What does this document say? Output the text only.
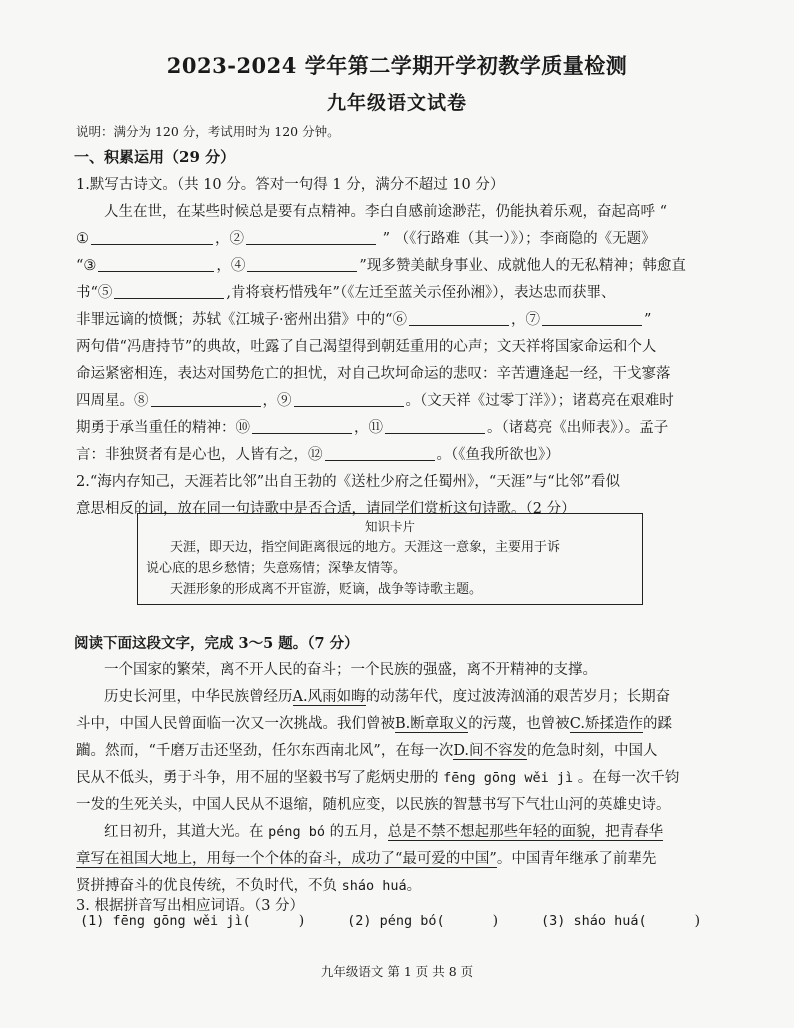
2023-2024 学年第二学期开学初教学质量检测
九年级语文试卷
说明：满分为 120 分，考试用时为 120 分钟。
一、积累运用（29 分）
1.默写古诗文。（共 10 分。答对一句得 1 分，满分不超过 10 分）
人生在世，在某些时候总是要有点精神。李白自感前途渺茫，仍能执着乐观，奋起高呼 “
①	，②	” （《行路难（其一）》）；李商隐的《无题》
“③	，④	”现多赞美献身事业、成就他人的无私精神；韩愈直
书“⑤	,肯将衰朽惜残年”（《左迁至蓝关示侄孙湘》），表达忠而获罪、
非罪远谪的愤慨；苏轼《江城子·密州出猎》中的“⑥	，⑦	”
两句借“冯唐持节”的典故，吐露了自己渴望得到朝廷重用的心声；文天祥将国家命运和个人
命运紧密相连，表达对国势危亡的担忧，对自己坎坷命运的悲叹：辛苦遭逢起一经，干戈寥落
四周星。⑧	，⑨	。（文天祥《过零丁洋》）；诸葛亮在艰难时
期勇于承当重任的精神：⑩	，⑪	。（诸葛亮《出师表》）。孟子
言：非独贤者有是心也，人皆有之，⑫	。（《鱼我所欲也》）
2.“海内存知己，天涯若比邻”出自王勃的《送杜少府之任蜀州》，“天涯”与“比邻”看似
意思相反的词，放在同一句诗歌中是否合适，请同学们赏析这句诗歌。（2 分）
知识卡片
天涯，即天边，指空间距离很远的地方。天涯这一意象，主要用于诉
说心底的思乡愁情；失意殇情；深挚友情等。
天涯形象的形成离不开宦游，贬谪，战争等诗歌主题。
阅读下面这段文字，完成 3～5 题。（7 分）
一个国家的繁荣，离不开人民的奋斗；一个民族的强盛，离不开精神的支撑。
历史长河里，中华民族曾经历A.风雨如晦的动荡年代，度过波涛汹涌的艰苦岁月；长期奋
斗中，中国人民曾面临一次又一次挑战。我们曾被B.断章取义的污蔑，也曾被C.矫揉造作的蹂
躏。然而，“千磨万击还坚劲，任尔东西南北风”，在每一次D.间不容发的危急时刻，中国人
民从不低头，勇于斗争，用不屈的坚毅书写了彪炳史册的 fēng gōng wěi jì 。在每一次千钧
一发的生死关头，中国人民从不退缩，随机应变，以民族的智慧书写下气壮山河的英雄史诗。
红日初升，其道大光。在 péng bó 的五月，总是不禁不想起那些年轻的面貌，把青春华
章写在祖国大地上，用每一个个体的奋斗，成功了“最可爱的中国”。中国青年继承了前辈先
贤拼搏奋斗的优良传统，不负时代，不负 sháo huá。
3. 根据拼音写出相应词语。（3 分）
(1) fēng gōng wěi jì(	)	(2) péng bó(	)	(3) sháo huá(	)
九年级语文 第 1 页 共 8 页
